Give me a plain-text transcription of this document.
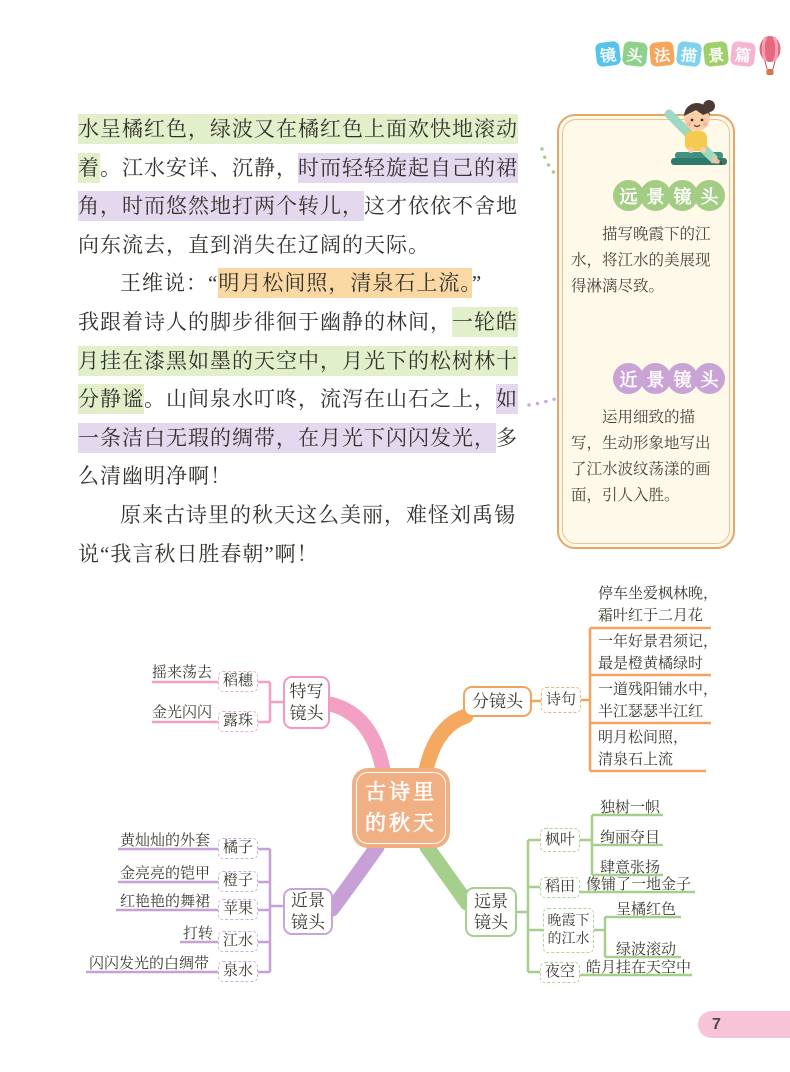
镜 头 法 描 景 篇
水呈橘红色，绿波又在橘红色上面欢快地滚动
着。江水安详、沉静，时而轻轻旋起自己的裙
角，时而悠然地打两个转儿，这才依依不舍地
向东流去，直到消失在辽阔的天际。
王维说：“明月松间照，清泉石上流。”
我跟着诗人的脚步徘徊于幽静的林间，一轮皓
月挂在漆黑如墨的天空中，月光下的松树林十
分静谧。山间泉水叮咚，流泻在山石之上，如
一条洁白无瑕的绸带，在月光下闪闪发光，多
么清幽明净啊！
原来古诗里的秋天这么美丽，难怪刘禹锡
说“我言秋日胜春朝”啊！
远 景 镜 头
描写晚霞下的江水，将江水的美展现得淋漓尽致。
近 景 镜 头
运用细致的描写，生动形象地写出了江水波纹荡漾的画面，引人入胜。
古诗里
的秋天
特写
镜头
稻穗
露珠
摇来荡去
金光闪闪
分镜头 诗句
停车坐爱枫林晚，
霜叶红于二月花
一年好景君须记，
最是橙黄橘绿时
一道残阳铺水中，
半江瑟瑟半江红
明月松间照，
清泉石上流
近景
镜头
橘子
橙子
苹果
江水
泉水
黄灿灿的外套
金亮亮的铠甲
红艳艳的舞裙
打转
闪闪发光的白绸带
远景
镜头
枫叶
稻田
晚霞下
的江水
夜空
独树一帜
绚丽夺目
肆意张扬
像铺了一地金子
呈橘红色
绿波滚动
皓月挂在天空中
7
